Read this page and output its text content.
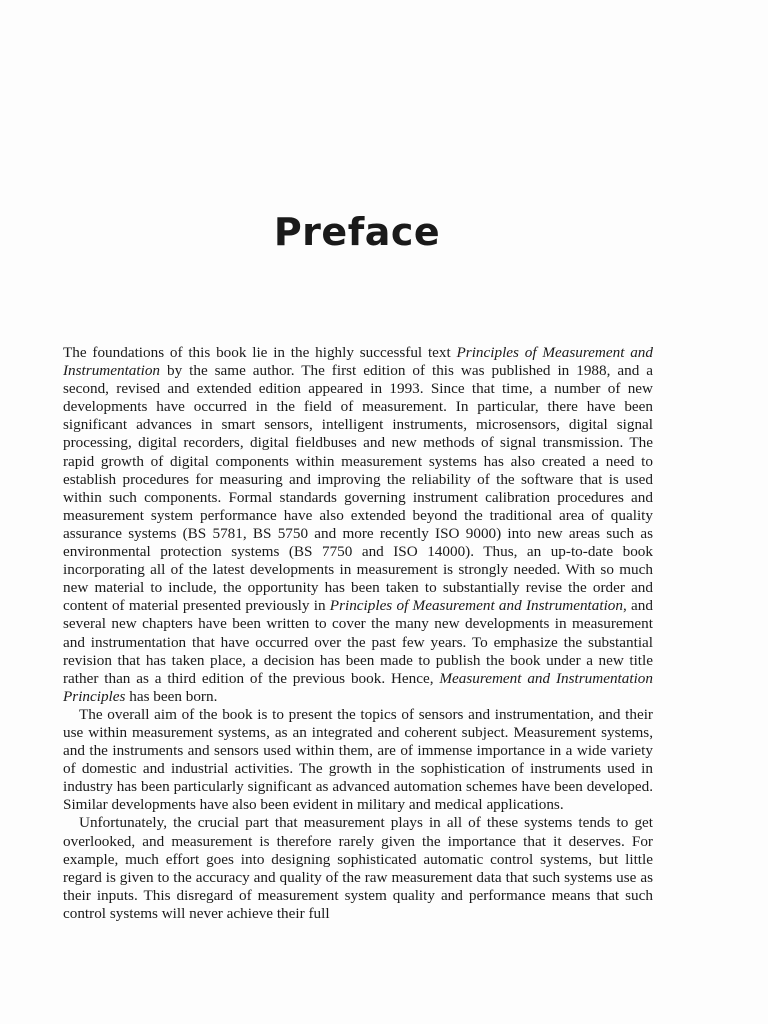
Preface

The foundations of this book lie in the highly successful text Principles of Measurement and Instrumentation by the same author. The first edition of this was published in 1988, and a second, revised and extended edition appeared in 1993. Since that time, a number of new developments have occurred in the field of measurement. In particular, there have been significant advances in smart sensors, intelligent instruments, microsensors, digital signal processing, digital recorders, digital fieldbuses and new methods of signal transmission. The rapid growth of digital components within measurement systems has also created a need to establish procedures for measuring and improving the reliability of the software that is used within such components. Formal standards governing instrument calibration procedures and measurement system performance have also extended beyond the traditional area of quality assurance systems (BS 5781, BS 5750 and more recently ISO 9000) into new areas such as environmental protection systems (BS 7750 and ISO 14000). Thus, an up-to-date book incorporating all of the latest developments in measurement is strongly needed. With so much new material to include, the opportunity has been taken to substantially revise the order and content of material presented previously in Principles of Measurement and Instrumentation, and several new chapters have been written to cover the many new developments in measurement and instrumentation that have occurred over the past few years. To emphasize the substantial revision that has taken place, a decision has been made to publish the book under a new title rather than as a third edition of the previous book. Hence, Measurement and Instrumentation Principles has been born.

The overall aim of the book is to present the topics of sensors and instrumentation, and their use within measurement systems, as an integrated and coherent subject. Measurement systems, and the instruments and sensors used within them, are of immense importance in a wide variety of domestic and industrial activities. The growth in the sophistication of instruments used in industry has been particularly significant as advanced automation schemes have been developed. Similar developments have also been evident in military and medical applications.

Unfortunately, the crucial part that measurement plays in all of these systems tends to get overlooked, and measurement is therefore rarely given the importance that it deserves. For example, much effort goes into designing sophisticated automatic control systems, but little regard is given to the accuracy and quality of the raw measurement data that such systems use as their inputs. This disregard of measurement system quality and performance means that such control systems will never achieve their full
